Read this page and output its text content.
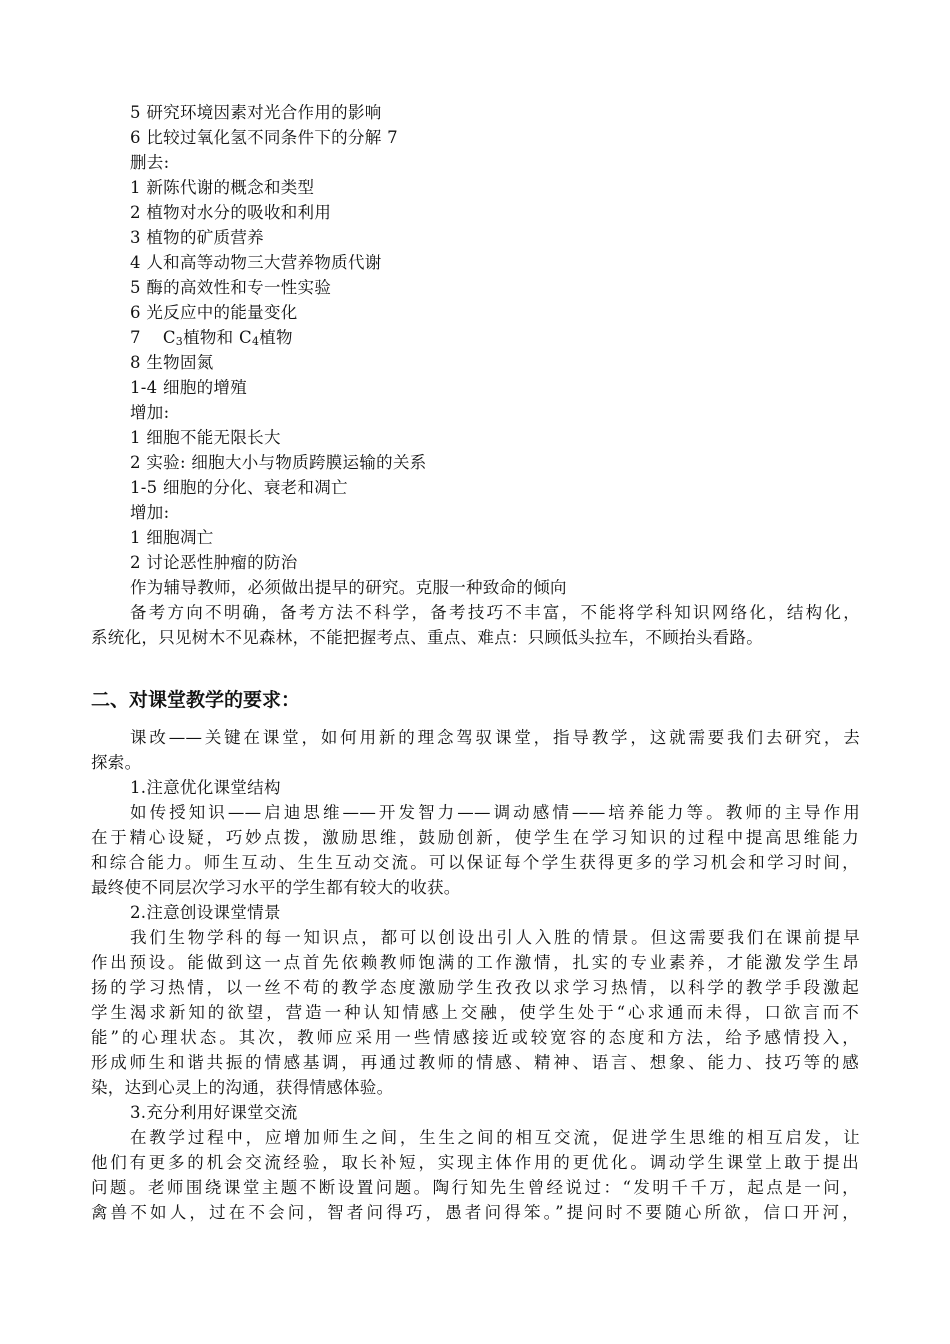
5 研究环境因素对光合作用的影响
6 比较过氧化氢不同条件下的分解 7
删去:
1 新陈代谢的概念和类型
2 植物对水分的吸收和利用
3 植物的矿质营养
4 人和高等动物三大营养物质代谢
5 酶的高效性和专一性实验
6 光反应中的能量变化
7 $C_3$植物和 $C_4$植物
8 生物固氮
1-4 细胞的增殖
增加:
1 细胞不能无限长大
2 实验: 细胞大小与物质跨膜运输的关系
1-5 细胞的分化、衰老和凋亡
增加:
1 细胞凋亡
2 讨论恶性肿瘤的防治
作为辅导教师，必须做出提早的研究。克服一种致命的倾向
备考方向不明确，备考方法不科学，备考技巧不丰富，不能将学科知识网络化，结构化，
系统化，只见树木不见森林，不能把握考点、重点、难点：只顾低头拉车，不顾抬头看路。
二、对课堂教学的要求：
课改——关键在课堂，如何用新的理念驾驭课堂，指导教学，这就需要我们去研究，去
探索。
1.注意优化课堂结构
如传授知识——启迪思维——开发智力——调动感情——培养能力等。教师的主导作用
在于精心设疑，巧妙点拨，激励思维，鼓励创新，使学生在学习知识的过程中提高思维能力
和综合能力。师生互动、生生互动交流。可以保证每个学生获得更多的学习机会和学习时间，
最终使不同层次学习水平的学生都有较大的收获。
2.注意创设课堂情景
我们生物学科的每一知识点，都可以创设出引人入胜的情景。但这需要我们在课前提早
作出预设。能做到这一点首先依赖教师饱满的工作激情，扎实的专业素养，才能激发学生昂
扬的学习热情，以一丝不苟的教学态度激励学生孜孜以求学习热情，以科学的教学手段激起
学生渴求新知的欲望，营造一种认知情感上交融，使学生处于“心求通而未得，口欲言而不
能”的心理状态。其次，教师应采用一些情感接近或较宽容的态度和方法，给予感情投入，
形成师生和谐共振的情感基调，再通过教师的情感、精神、语言、想象、能力、技巧等的感
染，达到心灵上的沟通，获得情感体验。
3.充分利用好课堂交流
在教学过程中，应增加师生之间，生生之间的相互交流，促进学生思维的相互启发，让
他们有更多的机会交流经验，取长补短，实现主体作用的更优化。调动学生课堂上敢于提出
问题。老师围绕课堂主题不断设置问题。陶行知先生曾经说过：“发明千千万，起点是一问，
禽兽不如人，过在不会问，智者问得巧，愚者问得笨。”提问时不要随心所欲，信口开河，
